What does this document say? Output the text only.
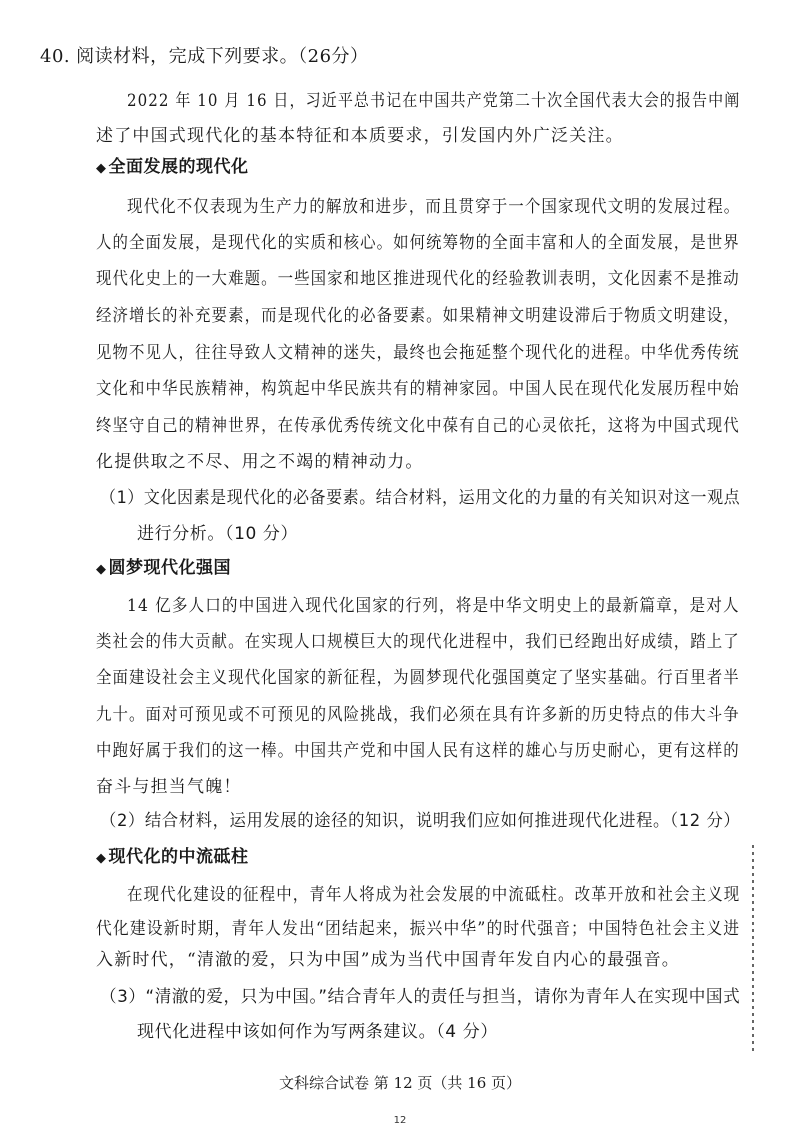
40. 阅读材料，完成下列要求。（26分）
2022 年 10 月 16 日，习近平总书记在中国共产党第二十次全国代表大会的报告中阐
述了中国式现代化的基本特征和本质要求，引发国内外广泛关注。
◆ 全面发展的现代化
现代化不仅表现为生产力的解放和进步，而且贯穿于一个国家现代文明的发展过程。
人的全面发展，是现代化的实质和核心。如何统筹物的全面丰富和人的全面发展，是世界
现代化史上的一大难题。一些国家和地区推进现代化的经验教训表明，文化因素不是推动
经济增长的补充要素，而是现代化的必备要素。如果精神文明建设滞后于物质文明建设，
见物不见人，往往导致人文精神的迷失，最终也会拖延整个现代化的进程。中华优秀传统
文化和中华民族精神，构筑起中华民族共有的精神家园。中国人民在现代化发展历程中始
终坚守自己的精神世界，在传承优秀传统文化中葆有自己的心灵依托，这将为中国式现代
化提供取之不尽、用之不竭的精神动力。
（1）文化因素是现代化的必备要素。结合材料，运用文化的力量的有关知识对这一观点
进行分析。（10 分）
◆ 圆梦现代化强国
14 亿多人口的中国进入现代化国家的行列，将是中华文明史上的最新篇章，是对人
类社会的伟大贡献。在实现人口规模巨大的现代化进程中，我们已经跑出好成绩，踏上了
全面建设社会主义现代化国家的新征程，为圆梦现代化强国奠定了坚实基础。行百里者半
九十。面对可预见或不可预见的风险挑战，我们必须在具有许多新的历史特点的伟大斗争
中跑好属于我们的这一棒。中国共产党和中国人民有这样的雄心与历史耐心，更有这样的
奋斗与担当气魄！
（2）结合材料，运用发展的途径的知识，说明我们应如何推进现代化进程。（12 分）
◆ 现代化的中流砥柱
在现代化建设的征程中，青年人将成为社会发展的中流砥柱。改革开放和社会主义现
代化建设新时期，青年人发出“团结起来，振兴中华”的时代强音；中国特色社会主义进
入新时代，“清澈的爱，只为中国”成为当代中国青年发自内心的最强音。
（3）“清澈的爱，只为中国。”结合青年人的责任与担当，请你为青年人在实现中国式
现代化进程中该如何作为写两条建议。（4 分）
文科综合试卷 第 12 页（共 16 页）
12
